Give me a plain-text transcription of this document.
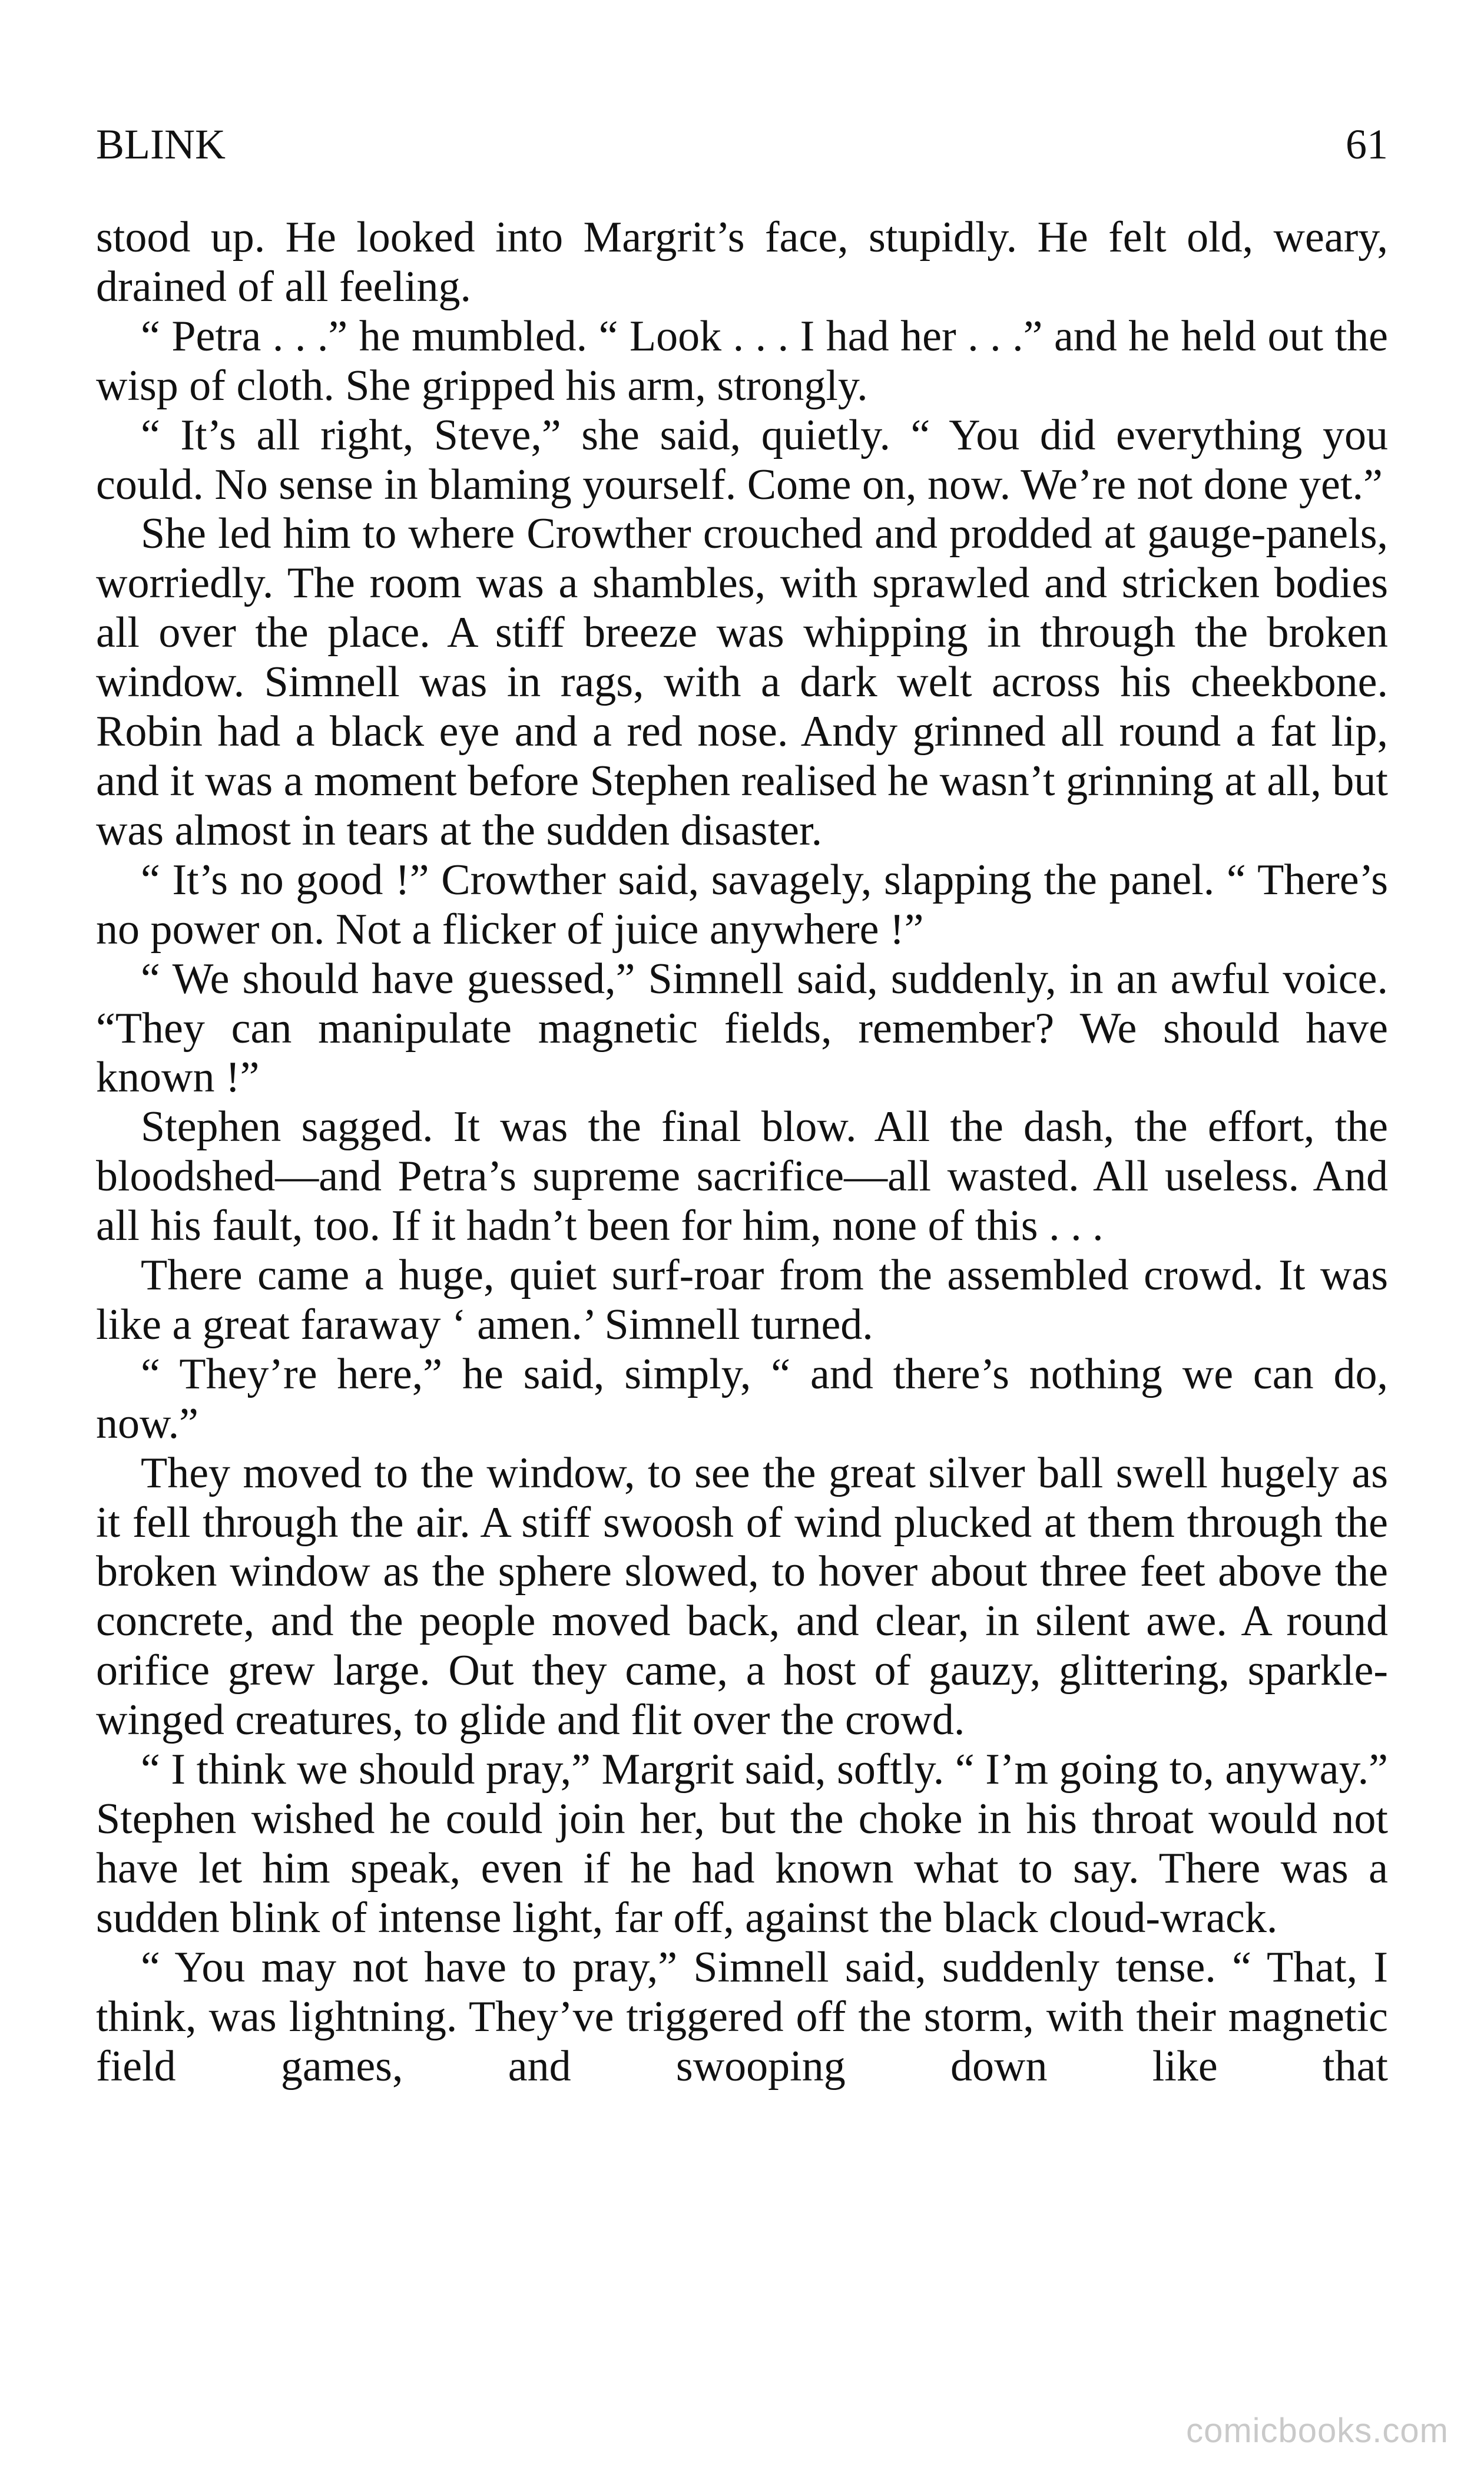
BLINK	61

stood up. He looked into Margrit’s face, stupidly. He felt old, weary, drained of all feeling.

“ Petra . . .” he mumbled. “ Look . . . I had her . . .” and he held out the wisp of cloth. She gripped his arm, strongly.

“ It’s all right, Steve,” she said, quietly. “ You did everything you could. No sense in blaming yourself. Come on, now. We’re not done yet.”

She led him to where Crowther crouched and prodded at gauge-panels, worriedly. The room was a shambles, with sprawled and stricken bodies all over the place. A stiff breeze was whipping in through the broken window. Simnell was in rags, with a dark welt across his cheekbone. Robin had a black eye and a red nose. Andy grinned all round a fat lip, and it was a moment before Stephen realised he wasn’t grinning at all, but was almost in tears at the sudden disaster.

“ It’s no good !” Crowther said, savagely, slapping the panel. “ There’s no power on. Not a flicker of juice anywhere !”

“ We should have guessed,” Simnell said, suddenly, in an awful voice. “They can manipulate magnetic fields, remember? We should have known !”

Stephen sagged. It was the final blow. All the dash, the effort, the bloodshed—and Petra’s supreme sacrifice—all wasted. All useless. And all his fault, too. If it hadn’t been for him, none of this . . .

There came a huge, quiet surf-roar from the assembled crowd. It was like a great faraway ‘ amen.’ Simnell turned.

“ They’re here,” he said, simply, “ and there’s nothing we can do, now.”

They moved to the window, to see the great silver ball swell hugely as it fell through the air. A stiff swoosh of wind plucked at them through the broken window as the sphere slowed, to hover about three feet above the concrete, and the people moved back, and clear, in silent awe. A round orifice grew large. Out they came, a host of gauzy, glittering, sparkle-winged creatures, to glide and flit over the crowd.

“ I think we should pray,” Margrit said, softly. “ I’m going to, anyway.” Stephen wished he could join her, but the choke in his throat would not have let him speak, even if he had known what to say. There was a sudden blink of intense light, far off, against the black cloud-wrack.

“ You may not have to pray,” Simnell said, suddenly tense. “ That, I think, was lightning. They’ve triggered off the storm, with their magnetic field games, and swooping down like that

comicbooks.com
